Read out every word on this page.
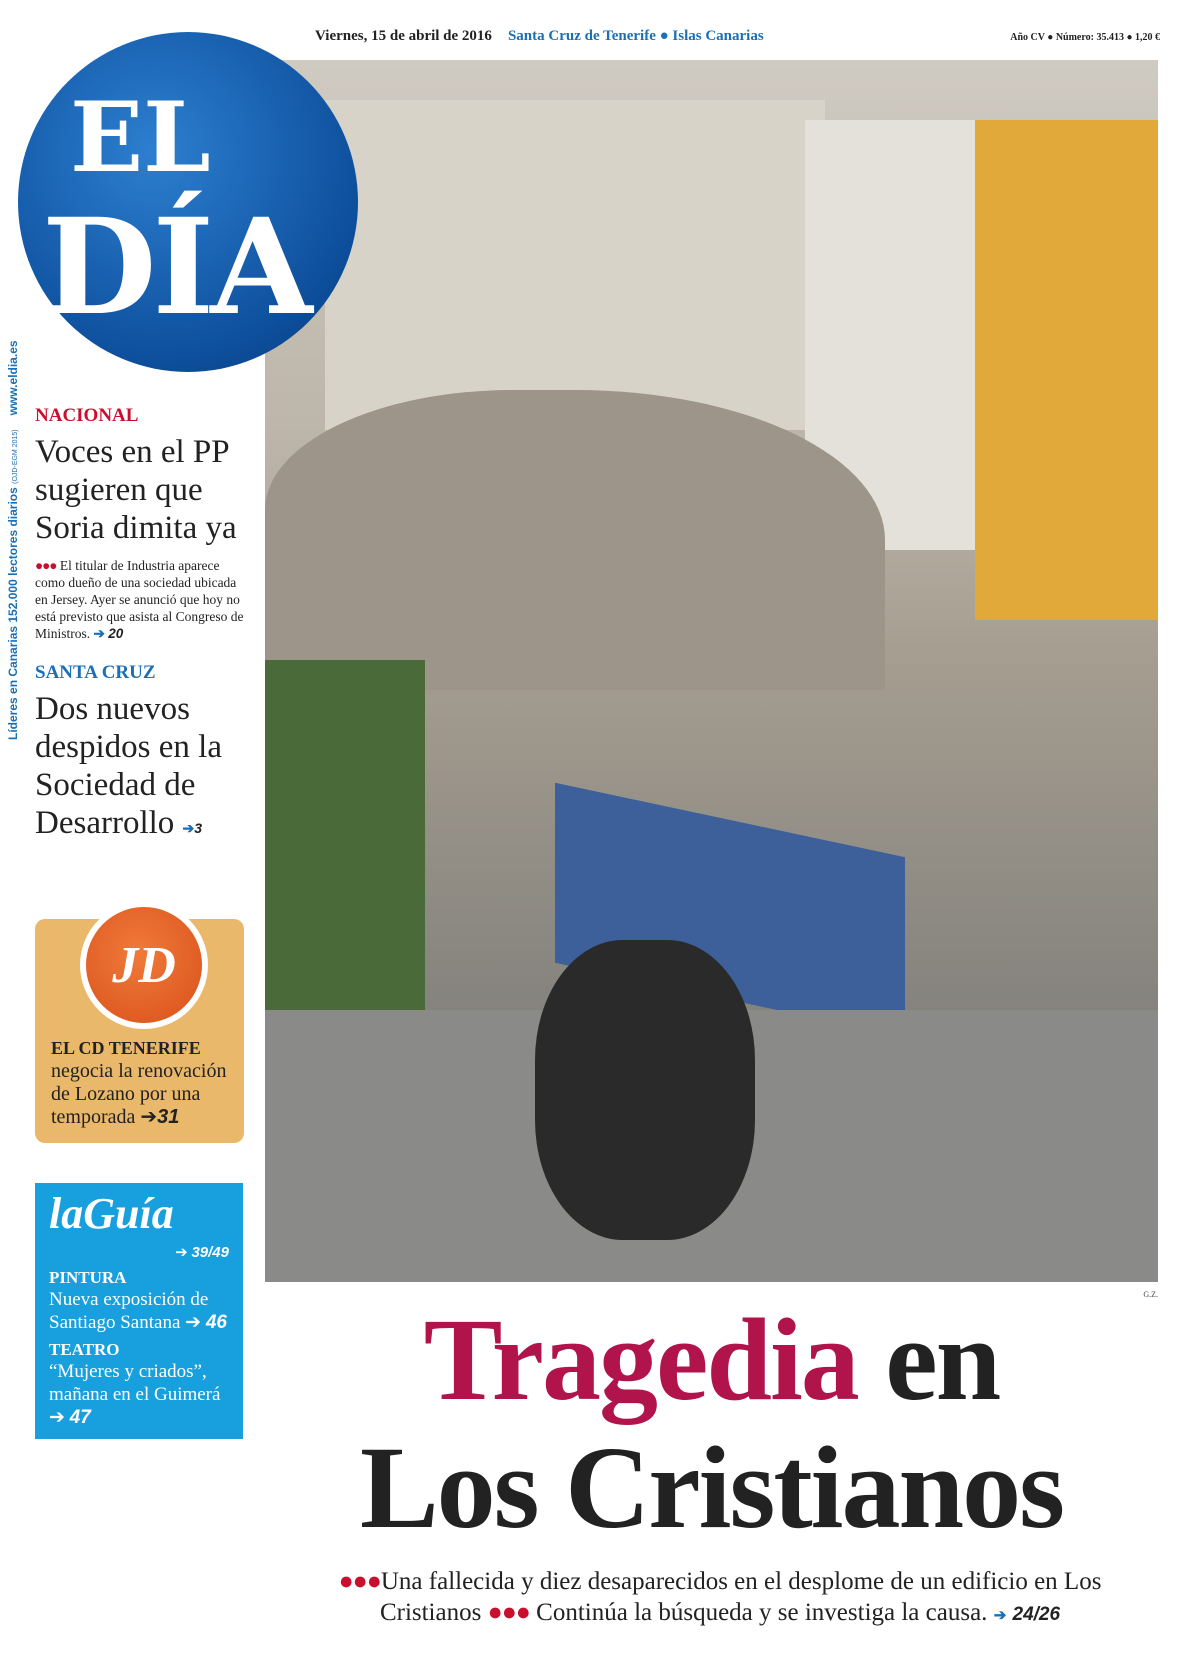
Viernes, 15 de abril de 2016 Santa Cruz de Tenerife ● Islas Canarias	Año CV ● Número: 35.413 ● 1,20 €
EL
DÍA
Líderes en Canarias 152.000 lectores diarios (OJD-EGM 2015)www.eldia.es
G.Z.
NACIONAL
Voces en el PP sugieren que Soria dimita ya
●●● El titular de Industria aparece como dueño de una sociedad ubicada en Jersey. Ayer se anunció que hoy no está previsto que asista al Congreso de Ministros. ➔ 20
SANTA CRUZ
Dos nuevos despidos en la Sociedad de Desarrollo ➔3
JD
EL CD TENERIFE
negocia la renovación de Lozano por una temporada ➔31
laGuía
➔ 39/49
PINTURA
Nueva exposición de Santiago Santana ➔ 46
TEATRO
“Mujeres y criados”, mañana en el Guimerá ➔ 47	Tragedia en
Los Cristianos
●●●Una fallecida y diez desaparecidos en el desplome de un edificio en Los Cristianos ●●● Continúa la búsqueda y se investiga la causa. ➔ 24/26
